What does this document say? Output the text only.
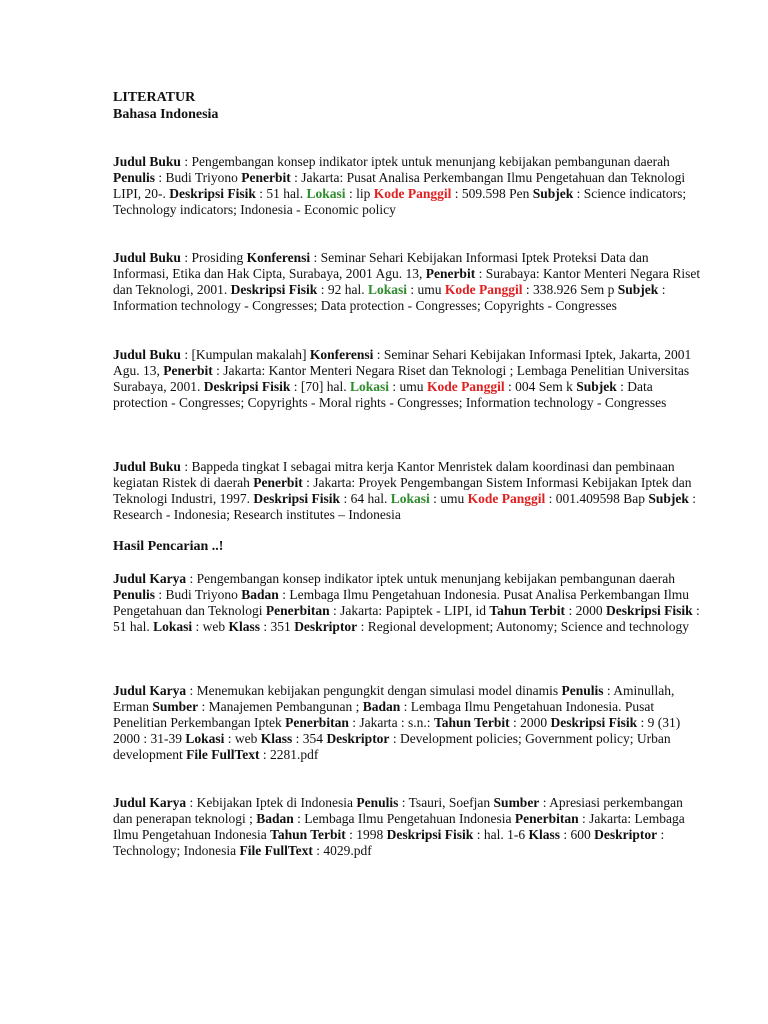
LITERATUR
Bahasa Indonesia
Judul Buku : Pengembangan konsep indikator iptek untuk menunjang kebijakan pembangunan daerah Penulis : Budi Triyono Penerbit : Jakarta: Pusat Analisa Perkembangan Ilmu Pengetahuan dan Teknologi LIPI, 20-. Deskripsi Fisik : 51 hal. Lokasi : lip Kode Panggil : 509.598 Pen Subjek : Science indicators; Technology indicators; Indonesia - Economic policy
Judul Buku : Prosiding Konferensi : Seminar Sehari Kebijakan Informasi Iptek Proteksi Data dan Informasi, Etika dan Hak Cipta, Surabaya, 2001 Agu. 13, Penerbit : Surabaya: Kantor Menteri Negara Riset dan Teknologi, 2001. Deskripsi Fisik : 92 hal. Lokasi : umu Kode Panggil : 338.926 Sem p Subjek : Information technology - Congresses; Data protection - Congresses; Copyrights - Congresses
Judul Buku : [Kumpulan makalah] Konferensi : Seminar Sehari Kebijakan Informasi Iptek, Jakarta, 2001 Agu. 13, Penerbit : Jakarta: Kantor Menteri Negara Riset dan Teknologi ; Lembaga Penelitian Universitas Surabaya, 2001. Deskripsi Fisik : [70] hal. Lokasi : umu Kode Panggil : 004 Sem k Subjek : Data protection - Congresses; Copyrights - Moral rights - Congresses; Information technology - Congresses
Judul Buku : Bappeda tingkat I sebagai mitra kerja Kantor Menristek dalam koordinasi dan pembinaan kegiatan Ristek di daerah Penerbit : Jakarta: Proyek Pengembangan Sistem Informasi Kebijakan Iptek dan Teknologi Industri, 1997. Deskripsi Fisik : 64 hal. Lokasi : umu Kode Panggil : 001.409598 Bap Subjek : Research - Indonesia; Research institutes – Indonesia
Hasil Pencarian ..!
Judul Karya : Pengembangan konsep indikator iptek untuk menunjang kebijakan pembangunan daerah Penulis : Budi Triyono Badan : Lembaga Ilmu Pengetahuan Indonesia. Pusat Analisa Perkembangan Ilmu Pengetahuan dan Teknologi Penerbitan : Jakarta: Papiptek - LIPI, id Tahun Terbit : 2000 Deskripsi Fisik : 51 hal. Lokasi : web Klass : 351 Deskriptor : Regional development; Autonomy; Science and technology
Judul Karya : Menemukan kebijakan pengungkit dengan simulasi model dinamis Penulis : Aminullah, Erman Sumber : Manajemen Pembangunan ; Badan : Lembaga Ilmu Pengetahuan Indonesia. Pusat Penelitian Perkembangan Iptek Penerbitan : Jakarta : s.n.: Tahun Terbit : 2000 Deskripsi Fisik : 9 (31) 2000 : 31-39 Lokasi : web Klass : 354 Deskriptor : Development policies; Government policy; Urban development File FullText : 2281.pdf
Judul Karya : Kebijakan Iptek di Indonesia Penulis : Tsauri, Soefjan Sumber : Apresiasi perkembangan dan penerapan teknologi ; Badan : Lembaga Ilmu Pengetahuan Indonesia Penerbitan : Jakarta: Lembaga Ilmu Pengetahuan Indonesia Tahun Terbit : 1998 Deskripsi Fisik : hal. 1-6 Klass : 600 Deskriptor : Technology; Indonesia File FullText : 4029.pdf
